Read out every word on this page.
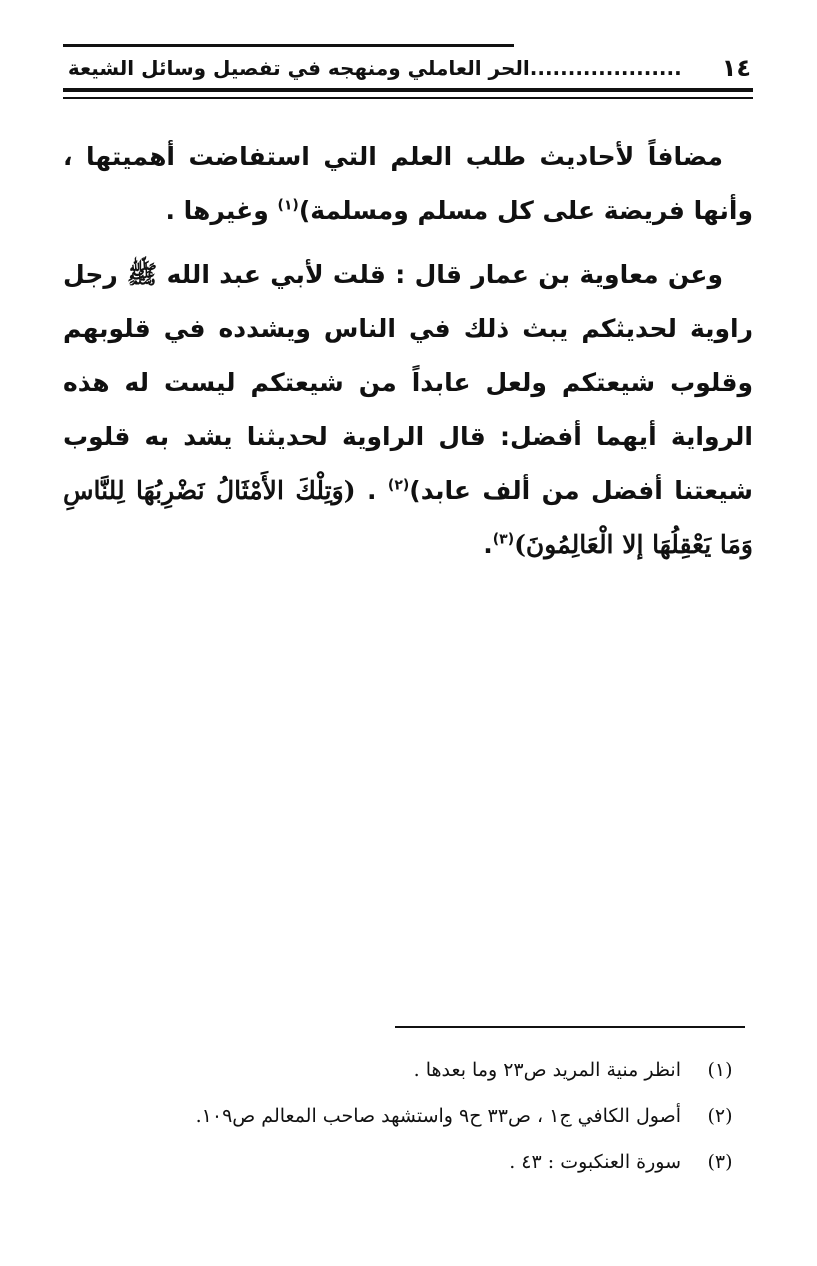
١٤
....................الحر العاملي ومنهجه في تفصيل وسائل الشيعة

مضافاً لأحاديث طلب العلم التي استفاضت أهميتها ، وأنها فريضة على كل مسلم ومسلمة)$^{(١)}$ وغيرها .

وعن معاوية بن عمار قال : قلت لأبي عبد الله ﷺ رجل راوية لحديثكم يبث ذلك في الناس ويشدده في قلوبهم وقلوب شيعتكم ولعل عابداً من شيعتكم ليست له هذه الرواية أيهما أفضل: قال الراوية لحديثنا يشد به قلوب شيعتنا أفضل من ألف عابد)$^{(٢)}$ . (وَتِلْكَ الأَمْثَالُ نَضْرِبُهَا لِلنَّاسِ وَمَا يَعْقِلُهَا إلا الْعَالِمُونَ)$^{(٣)}$.

(١)
انظر منية المريد ص٢٣ وما بعدها .
(٢)
أصول الكافي ج١ ، ص٣٣ ح٩ واستشهد صاحب المعالم ص١٠٩.
(٣)
سورة العنكبوت : ٤٣ .
